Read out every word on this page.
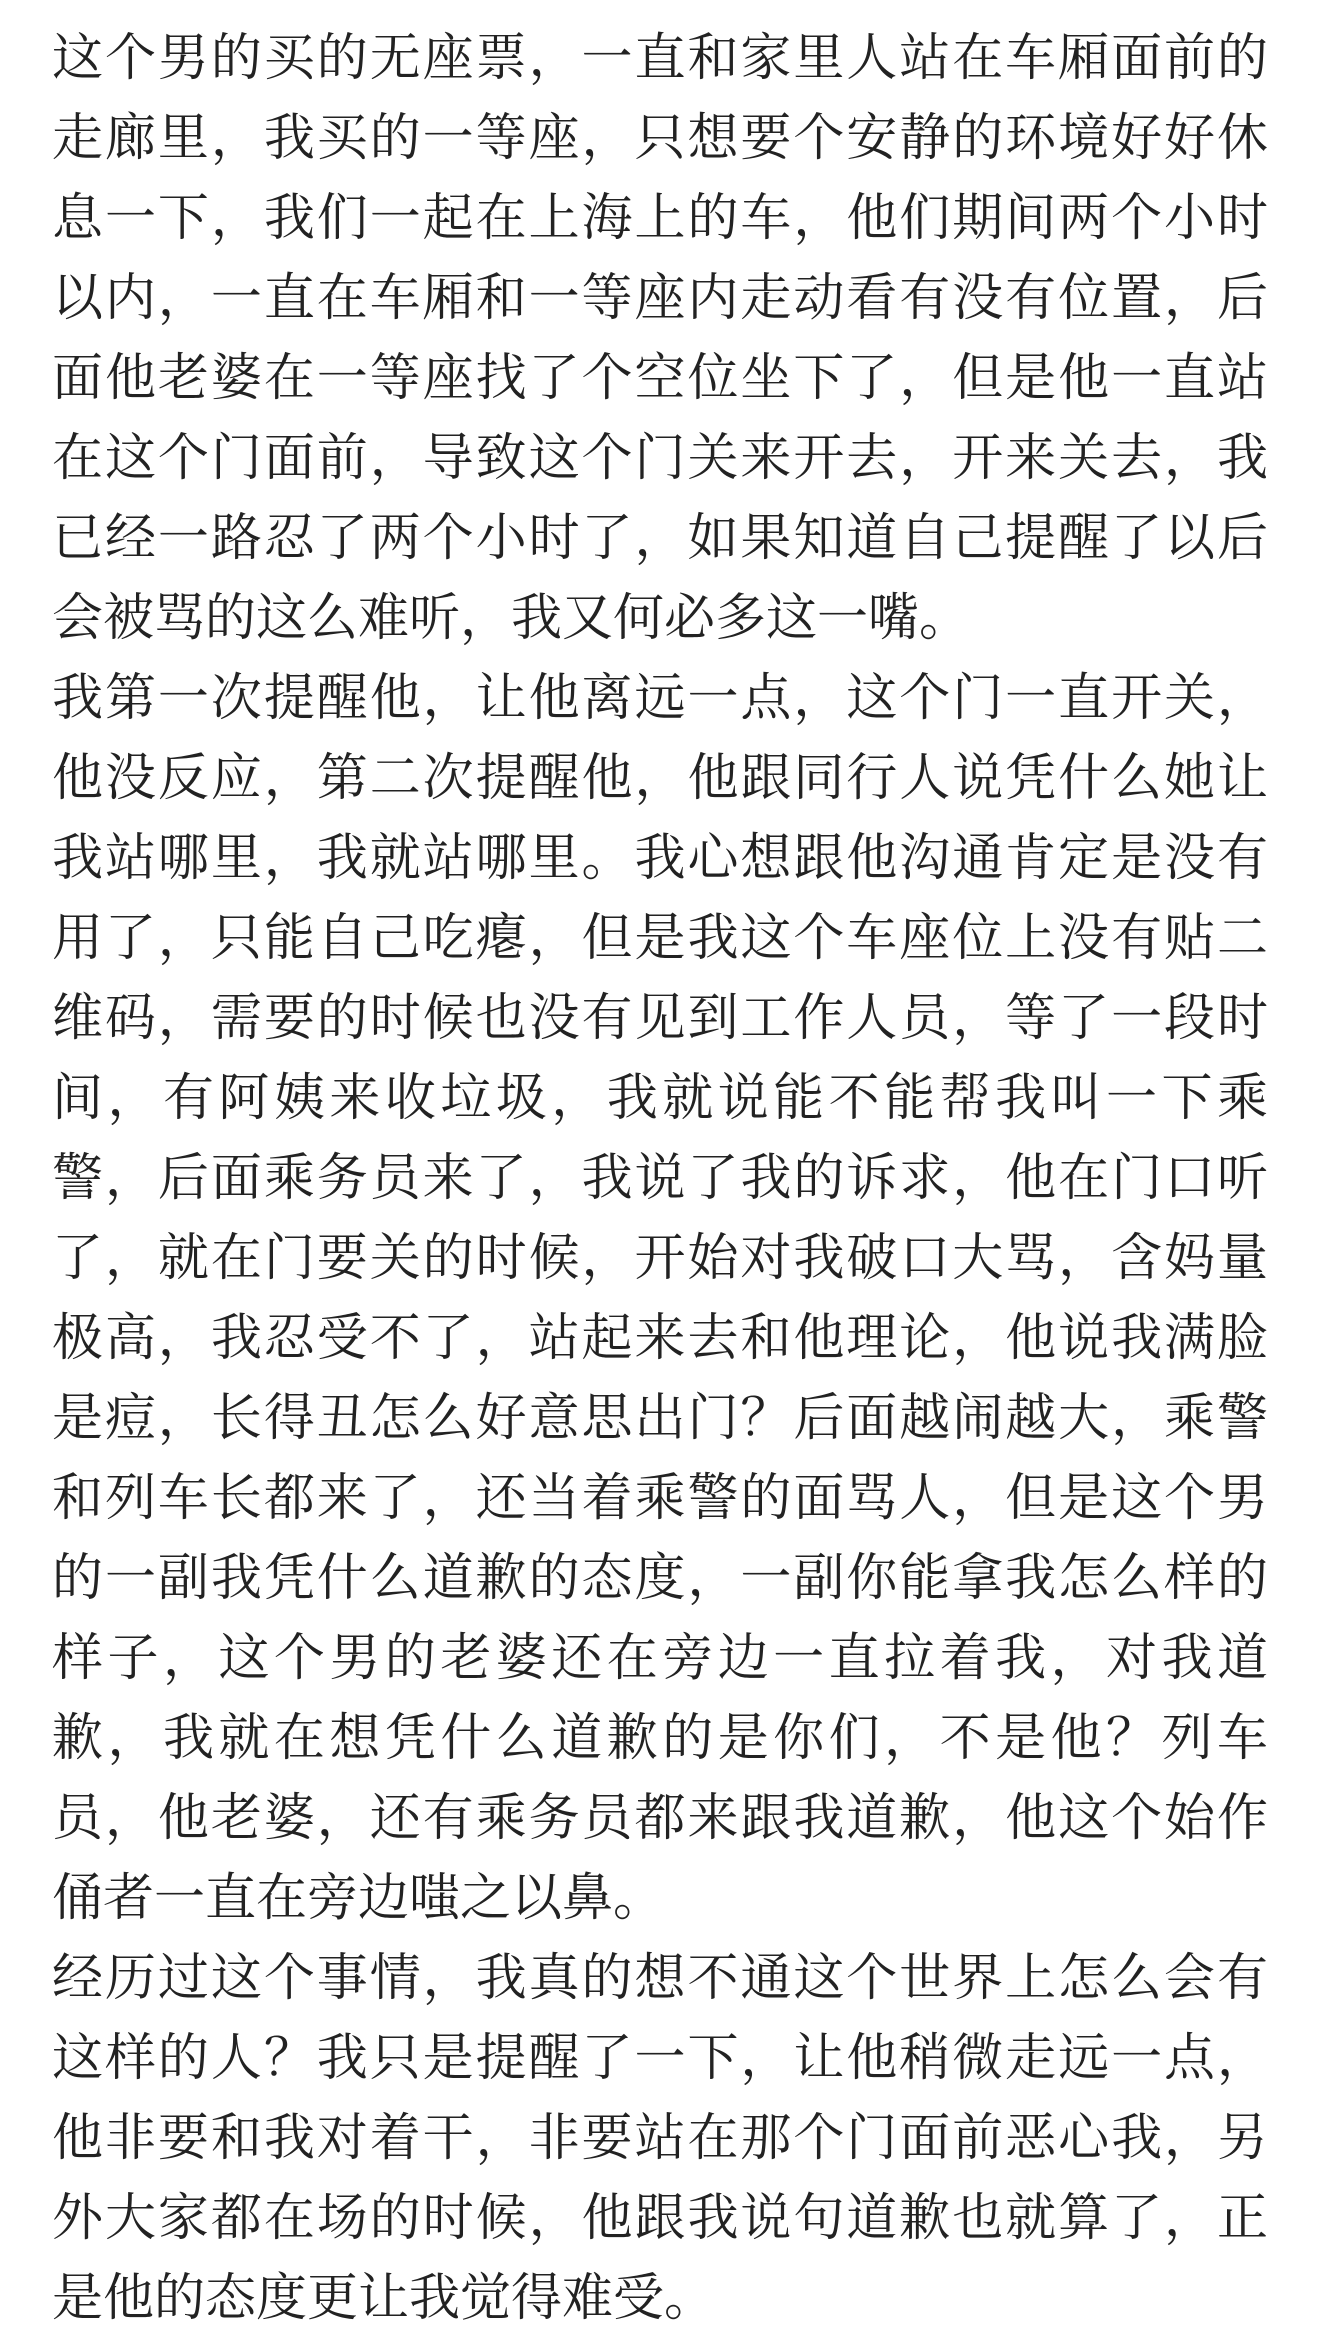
这个男的买的无座票，一直和家里人站在车厢面前的走廊里，我买的一等座，只想要个安静的环境好好休息一下，我们一起在上海上的车，他们期间两个小时以内，一直在车厢和一等座内走动看有没有位置，后面他老婆在一等座找了个空位坐下了，但是他一直站在这个门面前，导致这个门关来开去，开来关去，我已经一路忍了两个小时了，如果知道自己提醒了以后会被骂的这么难听，我又何必多这一嘴。

我第一次提醒他，让他离远一点，这个门一直开关，他没反应，第二次提醒他，他跟同行人说凭什么她让我站哪里，我就站哪里。我心想跟他沟通肯定是没有用了，只能自己吃瘪，但是我这个车座位上没有贴二维码，需要的时候也没有见到工作人员，等了一段时间，有阿姨来收垃圾，我就说能不能帮我叫一下乘警，后面乘务员来了，我说了我的诉求，他在门口听了，就在门要关的时候，开始对我破口大骂，含妈量极高，我忍受不了，站起来去和他理论，他说我满脸是痘，长得丑怎么好意思出门？后面越闹越大，乘警和列车长都来了，还当着乘警的面骂人，但是这个男的一副我凭什么道歉的态度，一副你能拿我怎么样的样子，这个男的老婆还在旁边一直拉着我，对我道歉，我就在想凭什么道歉的是你们，不是他？列车员，他老婆，还有乘务员都来跟我道歉，他这个始作俑者一直在旁边嗤之以鼻。

经历过这个事情，我真的想不通这个世界上怎么会有这样的人？我只是提醒了一下，让他稍微走远一点，他非要和我对着干，非要站在那个门面前恶心我，另外大家都在场的时候，他跟我说句道歉也就算了，正是他的态度更让我觉得难受。
